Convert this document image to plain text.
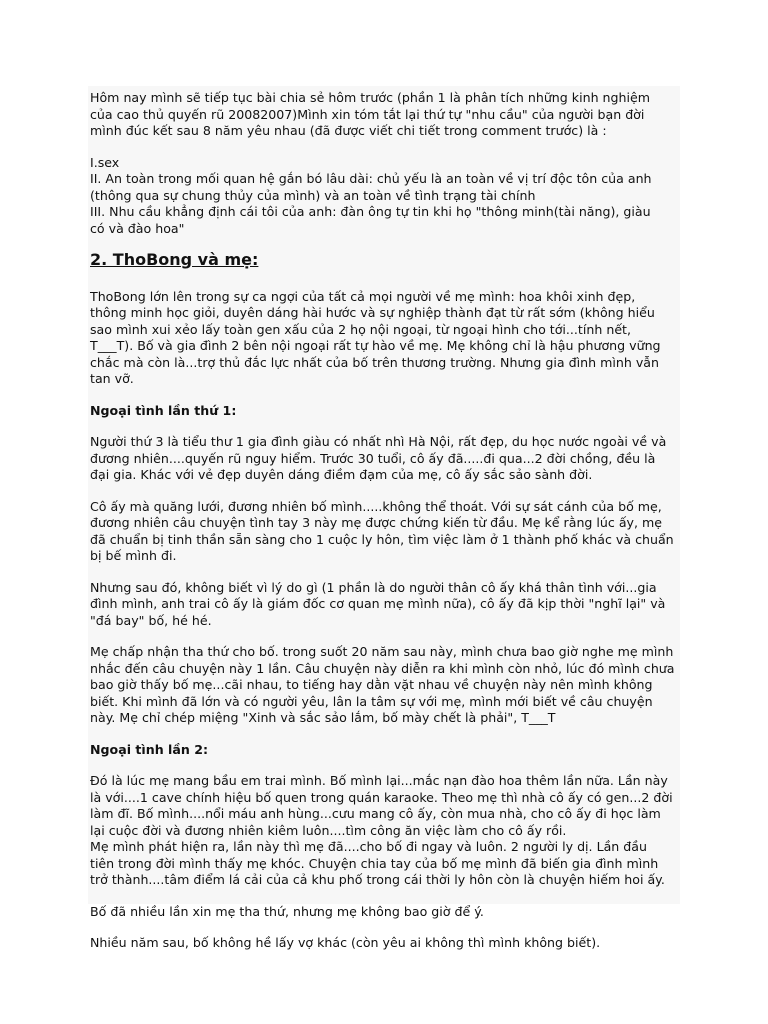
Hôm nay mình sẽ tiếp tục bài chia sẻ hôm trước (phần 1 là phân tích những kinh nghiệm
của cao thủ quyến rũ 20082007)Mình xin tóm tắt lại thứ tự "nhu cầu" của người bạn đời
mình đúc kết sau 8 năm yêu nhau (đã được viết chi tiết trong comment trước) là :
I.sex
II. An toàn trong mối quan hệ gắn bó lâu dài: chủ yếu là an toàn về vị trí độc tôn của anh
(thông qua sự chung thủy của mình) và an toàn về tình trạng tài chính
III. Nhu cầu khẳng định cái tôi của anh: đàn ông tự tin khi họ "thông minh(tài năng), giàu
có và đào hoa"
2. ThoBong và mẹ:
ThoBong lớn lên trong sự ca ngợi của tất cả mọi người về mẹ mình: hoa khôi xinh đẹp,
thông minh học giỏi, duyên dáng hài hước và sự nghiệp thành đạt từ rất sớm (không hiểu
sao mình xui xẻo lấy toàn gen xấu của 2 họ nội ngoại, từ ngoại hình cho tới...tính nết,
T___T). Bố và gia đình 2 bên nội ngoại rất tự hào về mẹ. Mẹ không chỉ là hậu phương vững
chắc mà còn là...trợ thủ đắc lực nhất của bố trên thương trường. Nhưng gia đình mình vẫn
tan vỡ.
Ngoại tình lần thứ 1:
Người thứ 3 là tiểu thư 1 gia đình giàu có nhất nhì Hà Nội, rất đẹp, du học nước ngoài về và
đương nhiên....quyến rũ nguy hiểm. Trước 30 tuổi, cô ấy đã.....đi qua...2 đời chồng, đều là
đại gia. Khác với vẻ đẹp duyên dáng điềm đạm của mẹ, cô ấy sắc sảo sành đời.
Cô ấy mà quăng lưới, đương nhiên bố mình.....không thể thoát. Với sự sát cánh của bố mẹ,
đương nhiên câu chuyện tình tay 3 này mẹ được chứng kiến từ đầu. Mẹ kể rằng lúc ấy, mẹ
đã chuẩn bị tinh thần sẵn sàng cho 1 cuộc ly hôn, tìm việc làm ở 1 thành phố khác và chuẩn
bị bế mình đi.
Nhưng sau đó, không biết vì lý do gì (1 phần là do người thân cô ấy khá thân tình với...gia
đình mình, anh trai cô ấy là giám đốc cơ quan mẹ mình nữa), cô ấy đã kịp thời "nghĩ lại" và
"đá bay" bố, hé hé.
Mẹ chấp nhận tha thứ cho bố. trong suốt 20 năm sau này, mình chưa bao giờ nghe mẹ mình
nhắc đến câu chuyện này 1 lần. Câu chuyện này diễn ra khi mình còn nhỏ, lúc đó mình chưa
bao giờ thấy bố mẹ...cãi nhau, to tiếng hay dằn vặt nhau về chuyện này nên mình không
biết. Khi mình đã lớn và có người yêu, lân la tâm sự với mẹ, mình mới biết về câu chuyện
này. Mẹ chỉ chép miệng "Xinh và sắc sảo lắm, bố mày chết là phải", T___T
Ngoại tình lần 2:
Đó là lúc mẹ mang bầu em trai mình. Bố mình lại...mắc nạn đào hoa thêm lần nữa. Lần này
là với....1 cave chính hiệu bố quen trong quán karaoke. Theo mẹ thì nhà cô ấy có gen...2 đời
làm đĩ. Bố mình....nổi máu anh hùng...cưu mang cô ấy, còn mua nhà, cho cô ấy đi học làm
lại cuộc đời và đương nhiên kiêm luôn....tìm công ăn việc làm cho cô ấy rồi.
Mẹ mình phát hiện ra, lần này thì mẹ đã....cho bố đi ngay và luôn. 2 người ly dị. Lần đầu
tiên trong đời mình thấy mẹ khóc. Chuyện chia tay của bố mẹ mình đã biến gia đình mình
trở thành....tâm điểm lá cải của cả khu phố trong cái thời ly hôn còn là chuyện hiếm hoi ấy.
Bố đã nhiều lần xin mẹ tha thứ, nhưng mẹ không bao giờ để ý.
Nhiều năm sau, bố không hề lấy vợ khác (còn yêu ai không thì mình không biết).
